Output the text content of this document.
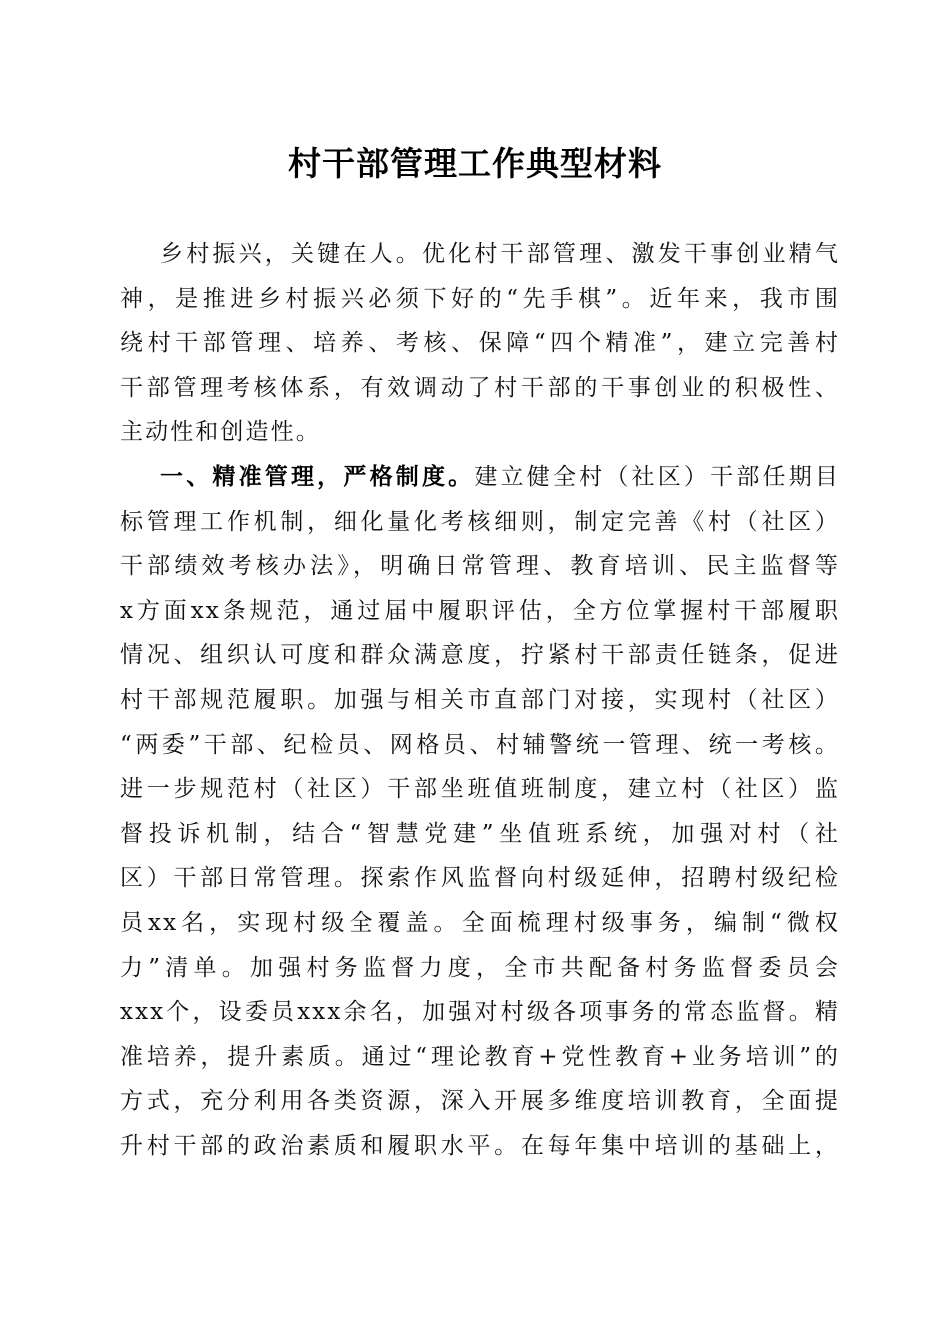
村干部管理工作典型材料
乡村振兴，关键在人。优化村干部管理、激发干事创业精气
神，是推进乡村振兴必须下好的“先手棋”。近年来，我市围
绕村干部管理、培养、考核、保障“四个精准”，建立完善村
干部管理考核体系，有效调动了村干部的干事创业的积极性、
主动性和创造性。
一、精准管理，严格制度。建立健全村（社区）干部任期目
标管理工作机制，细化量化考核细则，制定完善《村（社区）
干部绩效考核办法》，明确日常管理、教育培训、民主监督等
x方面xx条规范，通过届中履职评估，全方位掌握村干部履职
情况、组织认可度和群众满意度，拧紧村干部责任链条，促进
村干部规范履职。加强与相关市直部门对接，实现村（社区）
“两委”干部、纪检员、网格员、村辅警统一管理、统一考核。
进一步规范村（社区）干部坐班值班制度，建立村（社区）监
督投诉机制，结合“智慧党建”坐值班系统，加强对村（社
区）干部日常管理。探索作风监督向村级延伸，招聘村级纪检
员xx名，实现村级全覆盖。全面梳理村级事务，编制“微权
力”清单。加强村务监督力度，全市共配备村务监督委员会
xxx个，设委员xxx余名，加强对村级各项事务的常态监督。精
准培养，提升素质。通过“理论教育+党性教育+业务培训”的
方式，充分利用各类资源，深入开展多维度培训教育，全面提
升村干部的政治素质和履职水平。在每年集中培训的基础上，
